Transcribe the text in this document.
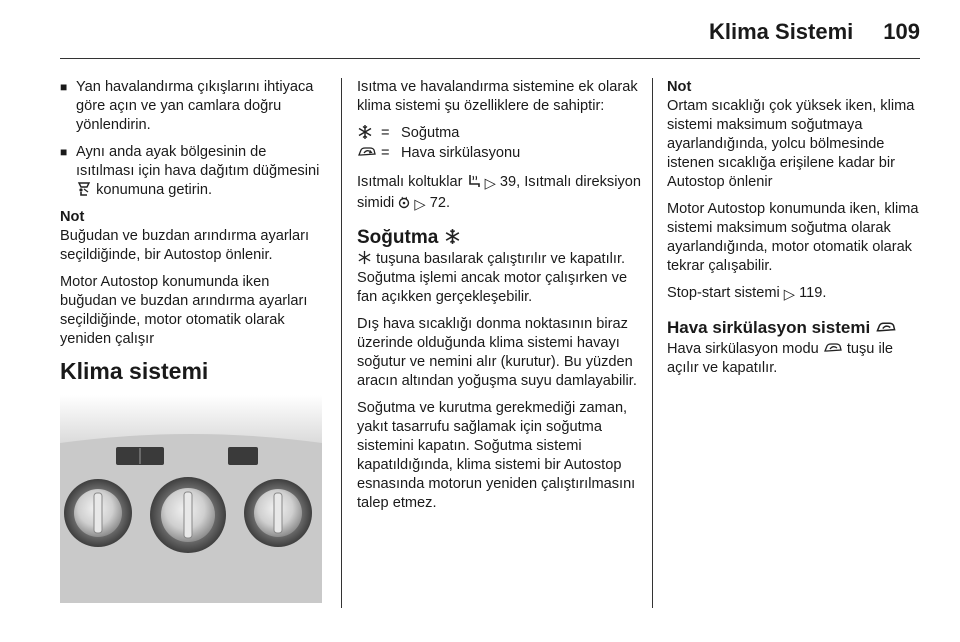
Klima Sistemi 109
■ Yan havalandırma çıkışlarını ihtiyaca göre açın ve yan camlara doğru yönlendirin.
■ Aynı anda ayak bölgesinin de ısıtılması için hava dağıtım düğmesini  konumuna getirin.
Not

Buğudan ve buzdan arındırma ayarları seçildiğinde, bir Autostop önlenir.

Motor Autostop konumunda iken buğudan ve buzdan arındırma ayarları seçildiğinde, motor otomatik olarak yeniden çalışır

Klima sistemi

Isıtma ve havalandırma sistemine ek olarak klima sistemi şu özelliklere de sahiptir:

= Soğutma
= Hava sirkülasyonu

Isıtmalı koltuklar ▷ 39, Isıtmalı direksiyon simidi ▷ 72.

Soğutma

tuşuna basılarak çalıştırılır ve kapatılır. Soğutma işlemi ancak motor çalışırken ve fan açıkken gerçekleşebilir.

Dış hava sıcaklığı donma noktasının biraz üzerinde olduğunda klima sistemi havayı soğutur ve nemini alır (kurutur). Bu yüzden aracın altından yoğuşma suyu damlayabilir.

Soğutma ve kurutma gerekmediği zaman, yakıt tasarrufu sağlamak için soğutma sistemini kapatın. Soğutma sistemi kapatıldığında, klima sistemi bir Autostop esnasında motorun yeniden çalıştırılmasını talep etmez.

Not

Ortam sıcaklığı çok yüksek iken, klima sistemi maksimum soğutmaya ayarlandığında, yolcu bölmesinde istenen sıcaklığa erişilene kadar bir Autostop önlenir

Motor Autostop konumunda iken, klima sistemi maksimum soğutma olarak ayarlandığında, motor otomatik olarak tekrar çalışabilir.

Stop-start sistemi ▷ 119.

Hava sirkülasyon sistemi

Hava sirkülasyon modu tuşu ile açılır ve kapatılır.
